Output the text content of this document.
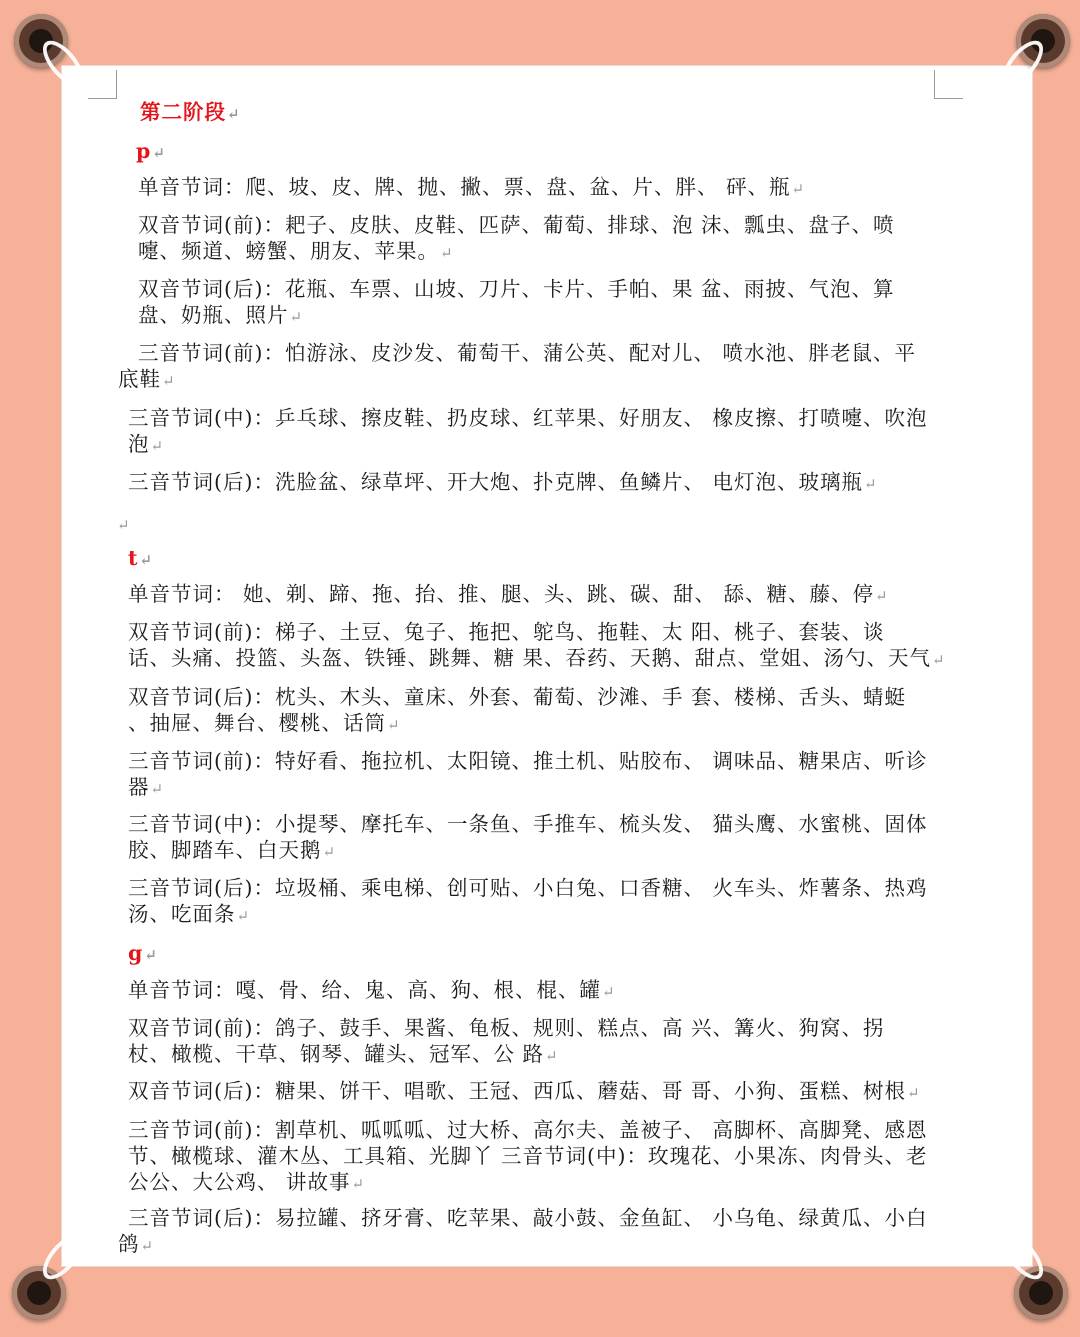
第二阶段↵
p↵
单音节词：爬、坡、皮、牌、抛、撇、票、盘、盆、片、胖、 砰、瓶↵
双音节词(前)：耙子、皮肤、皮鞋、匹萨、葡萄、排球、泡 沫、瓢虫、盘子、喷
嚏、频道、螃蟹、朋友、苹果。↵
双音节词(后)：花瓶、车票、山坡、刀片、卡片、手帕、果 盆、雨披、气泡、算
盘、奶瓶、照片↵
三音节词(前)：怕游泳、皮沙发、葡萄干、蒲公英、配对儿、 喷水池、胖老鼠、平
底鞋↵
三音节词(中)：乒乓球、擦皮鞋、扔皮球、红苹果、好朋友、 橡皮擦、打喷嚏、吹泡
泡↵
三音节词(后)：洗脸盆、绿草坪、开大炮、扑克牌、鱼鳞片、 电灯泡、玻璃瓶↵
↵
t↵
单音节词： 她、剃、蹄、拖、抬、推、腿、头、跳、碳、甜、 舔、糖、藤、停↵
双音节词(前)：梯子、土豆、兔子、拖把、鸵鸟、拖鞋、太 阳、桃子、套装、谈
话、头痛、投篮、头盔、铁锤、跳舞、糖 果、吞药、天鹅、甜点、堂姐、汤勺、天气↵
双音节词(后)：枕头、木头、童床、外套、葡萄、沙滩、手 套、楼梯、舌头、蜻蜓
、抽屉、舞台、樱桃、话筒↵
三音节词(前)：特好看、拖拉机、太阳镜、推土机、贴胶布、 调味品、糖果店、听诊
器↵
三音节词(中)：小提琴、摩托车、一条鱼、手推车、梳头发、 猫头鹰、水蜜桃、固体
胶、脚踏车、白天鹅↵
三音节词(后)：垃圾桶、乘电梯、创可贴、小白兔、口香糖、 火车头、炸薯条、热鸡
汤、吃面条↵
g↵
单音节词：嘎、骨、给、鬼、高、狗、根、棍、罐↵
双音节词(前)：鸽子、鼓手、果酱、龟板、规则、糕点、高 兴、篝火、狗窝、拐
杖、橄榄、干草、钢琴、罐头、冠军、公 路↵
双音节词(后)：糖果、饼干、唱歌、王冠、西瓜、蘑菇、哥 哥、小狗、蛋糕、树根↵
三音节词(前)：割草机、呱呱呱、过大桥、高尔夫、盖被子、 高脚杯、高脚凳、感恩
节、橄榄球、灌木丛、工具箱、光脚丫 三音节词(中)：玫瑰花、小果冻、肉骨头、老
公公、大公鸡、 讲故事↵
三音节词(后)：易拉罐、挤牙膏、吃苹果、敲小鼓、金鱼缸、 小乌龟、绿黄瓜、小白
鸽↵
